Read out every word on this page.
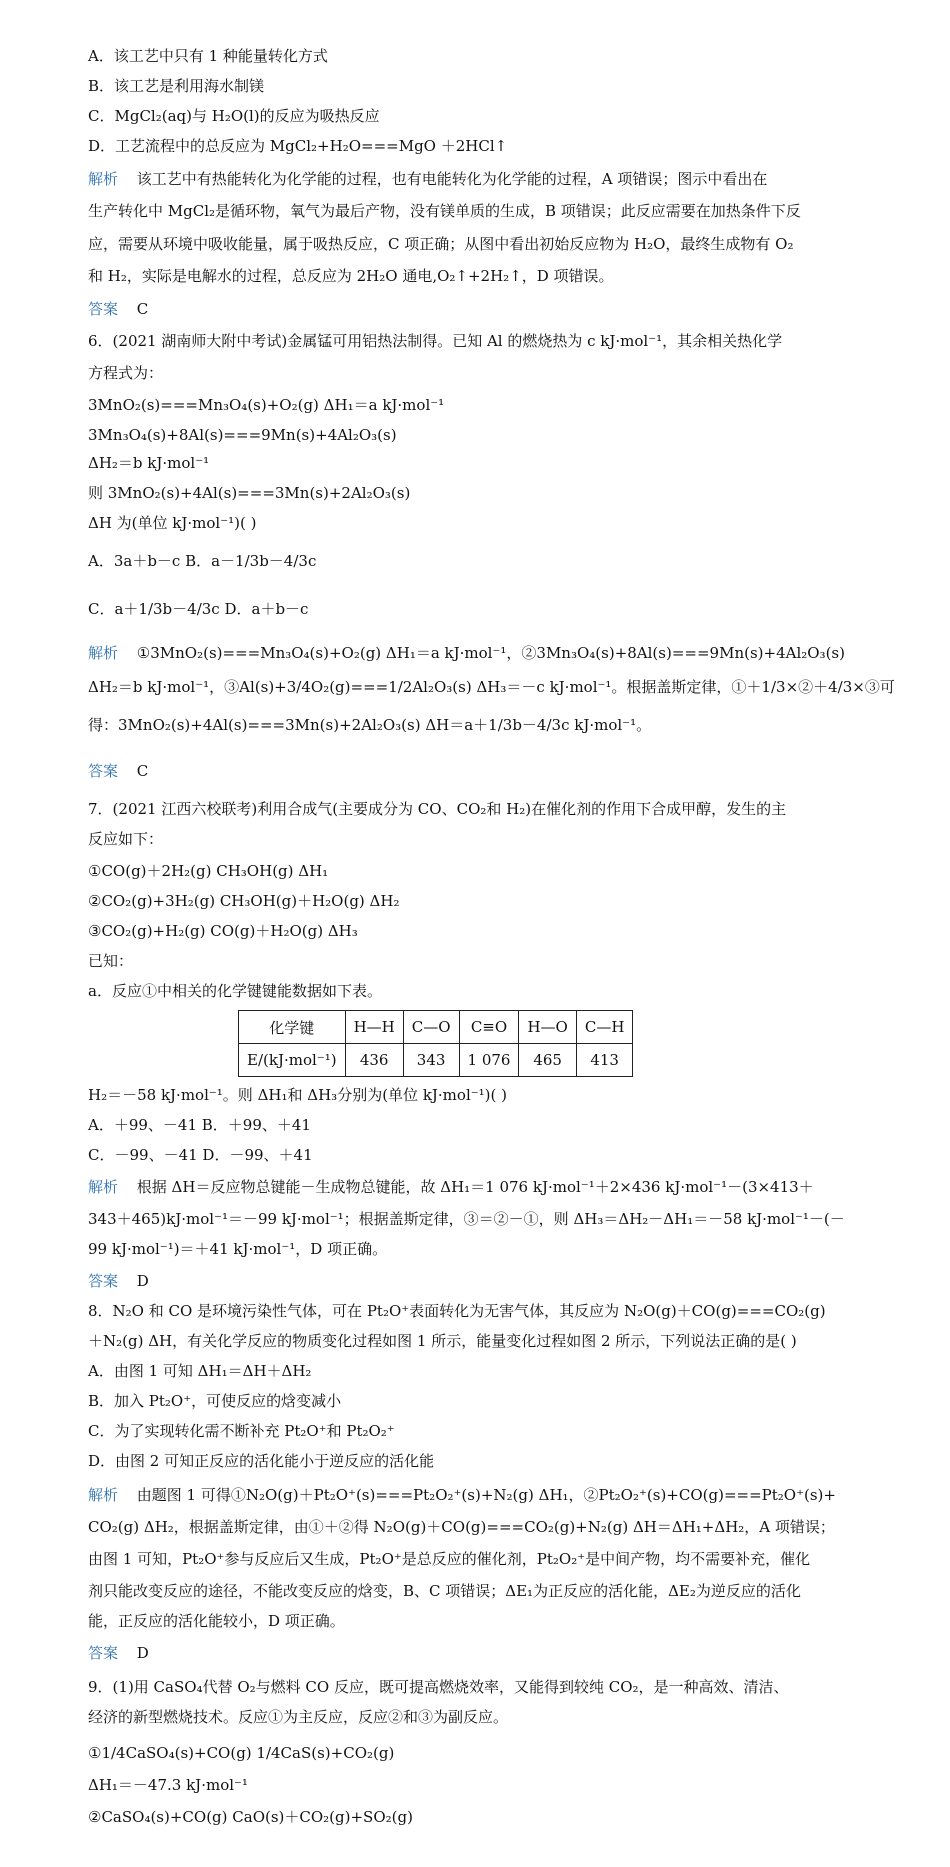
A．该工艺中只有 1 种能量转化方式
B．该工艺是利用海水制镁
C．MgCl₂(aq)与 H₂O(l)的反应为吸热反应
D．工艺流程中的总反应为 MgCl₂+H₂O===MgO ＋2HCl↑
解析 该工艺中有热能转化为化学能的过程，也有电能转化为化学能的过程，A 项错误；图示中看出在
生产转化中 MgCl₂是循环物，氧气为最后产物，没有镁单质的生成，B 项错误；此反应需要在加热条件下反
应，需要从环境中吸收能量，属于吸热反应，C 项正确；从图中看出初始反应物为 H₂O，最终生成物有 O₂
和 H₂，实际是电解水的过程，总反应为 2H₂O 通电,O₂↑+2H₂↑，D 项错误。
答案 C
6．(2021 湖南师大附中考试)金属锰可用铝热法制得。已知 Al 的燃烧热为 c kJ·mol⁻¹，其余相关热化学
方程式为：
3MnO₂(s)===Mn₃O₄(s)+O₂(g) ΔH₁＝a kJ·mol⁻¹
3Mn₃O₄(s)+8Al(s)===9Mn(s)+4Al₂O₃(s)
ΔH₂＝b kJ·mol⁻¹
则 3MnO₂(s)+4Al(s)===3Mn(s)+2Al₂O₃(s)
ΔH 为(单位 kJ·mol⁻¹)( )
A．3a＋b－c B．a－1/3b－4/3c
C．a＋1/3b－4/3c D．a＋b－c
解析 ①3MnO₂(s)===Mn₃O₄(s)+O₂(g) ΔH₁＝a kJ·mol⁻¹，②3Mn₃O₄(s)+8Al(s)===9Mn(s)+4Al₂O₃(s)
ΔH₂＝b kJ·mol⁻¹，③Al(s)+3/4O₂(g)===1/2Al₂O₃(s) ΔH₃＝－c kJ·mol⁻¹。根据盖斯定律，①＋1/3×②＋4/3×③可
得：3MnO₂(s)+4Al(s)===3Mn(s)+2Al₂O₃(s) ΔH＝a＋1/3b－4/3c kJ·mol⁻¹。
答案 C
7．(2021 江西六校联考)利用合成气(主要成分为 CO、CO₂和 H₂)在催化剂的作用下合成甲醇，发生的主
反应如下：
①CO(g)＋2H₂(g) CH₃OH(g) ΔH₁
②CO₂(g)+3H₂(g) CH₃OH(g)＋H₂O(g) ΔH₂
③CO₂(g)+H₂(g) CO(g)＋H₂O(g) ΔH₃
已知：
a．反应①中相关的化学键键能数据如下表。
H₂＝－58 kJ·mol⁻¹。则 ΔH₁和 ΔH₃分别为(单位 kJ·mol⁻¹)( )
A．＋99、－41 B．＋99、＋41
C．－99、－41 D．－99、＋41
解析 根据 ΔH＝反应物总键能－生成物总键能，故 ΔH₁＝1 076 kJ·mol⁻¹＋2×436 kJ·mol⁻¹－(3×413＋
343＋465)kJ·mol⁻¹＝－99 kJ·mol⁻¹；根据盖斯定律，③＝②－①，则 ΔH₃＝ΔH₂－ΔH₁＝－58 kJ·mol⁻¹－(－
99 kJ·mol⁻¹)＝＋41 kJ·mol⁻¹，D 项正确。
答案 D
8．N₂O 和 CO 是环境污染性气体，可在 Pt₂O⁺表面转化为无害气体，其反应为 N₂O(g)＋CO(g)===CO₂(g)
＋N₂(g) ΔH，有关化学反应的物质变化过程如图 1 所示，能量变化过程如图 2 所示，下列说法正确的是( )
A．由图 1 可知 ΔH₁＝ΔH＋ΔH₂
B．加入 Pt₂O⁺，可使反应的焓变减小
C．为了实现转化需不断补充 Pt₂O⁺和 Pt₂O₂⁺
D．由图 2 可知正反应的活化能小于逆反应的活化能
解析 由题图 1 可得①N₂O(g)＋Pt₂O⁺(s)===Pt₂O₂⁺(s)+N₂(g) ΔH₁，②Pt₂O₂⁺(s)+CO(g)===Pt₂O⁺(s)+
CO₂(g) ΔH₂，根据盖斯定律，由①＋②得 N₂O(g)＋CO(g)===CO₂(g)+N₂(g) ΔH＝ΔH₁+ΔH₂，A 项错误；
由图 1 可知，Pt₂O⁺参与反应后又生成，Pt₂O⁺是总反应的催化剂，Pt₂O₂⁺是中间产物，均不需要补充，催化
剂只能改变反应的途径，不能改变反应的焓变，B、C 项错误；ΔE₁为正反应的活化能，ΔE₂为逆反应的活化
能，正反应的活化能较小，D 项正确。
答案 D
9．(1)用 CaSO₄代替 O₂与燃料 CO 反应，既可提高燃烧效率，又能得到较纯 CO₂，是一种高效、清洁、
经济的新型燃烧技术。反应①为主反应，反应②和③为副反应。
①1/4CaSO₄(s)+CO(g) 1/4CaS(s)+CO₂(g)
ΔH₁＝－47.3 kJ·mol⁻¹
②CaSO₄(s)+CO(g) CaO(s)＋CO₂(g)+SO₂(g)
化学键	H—H	C—O	C≡O	H—O	C—H
E/(kJ·mol⁻¹)	436	343	1 076	465	413
